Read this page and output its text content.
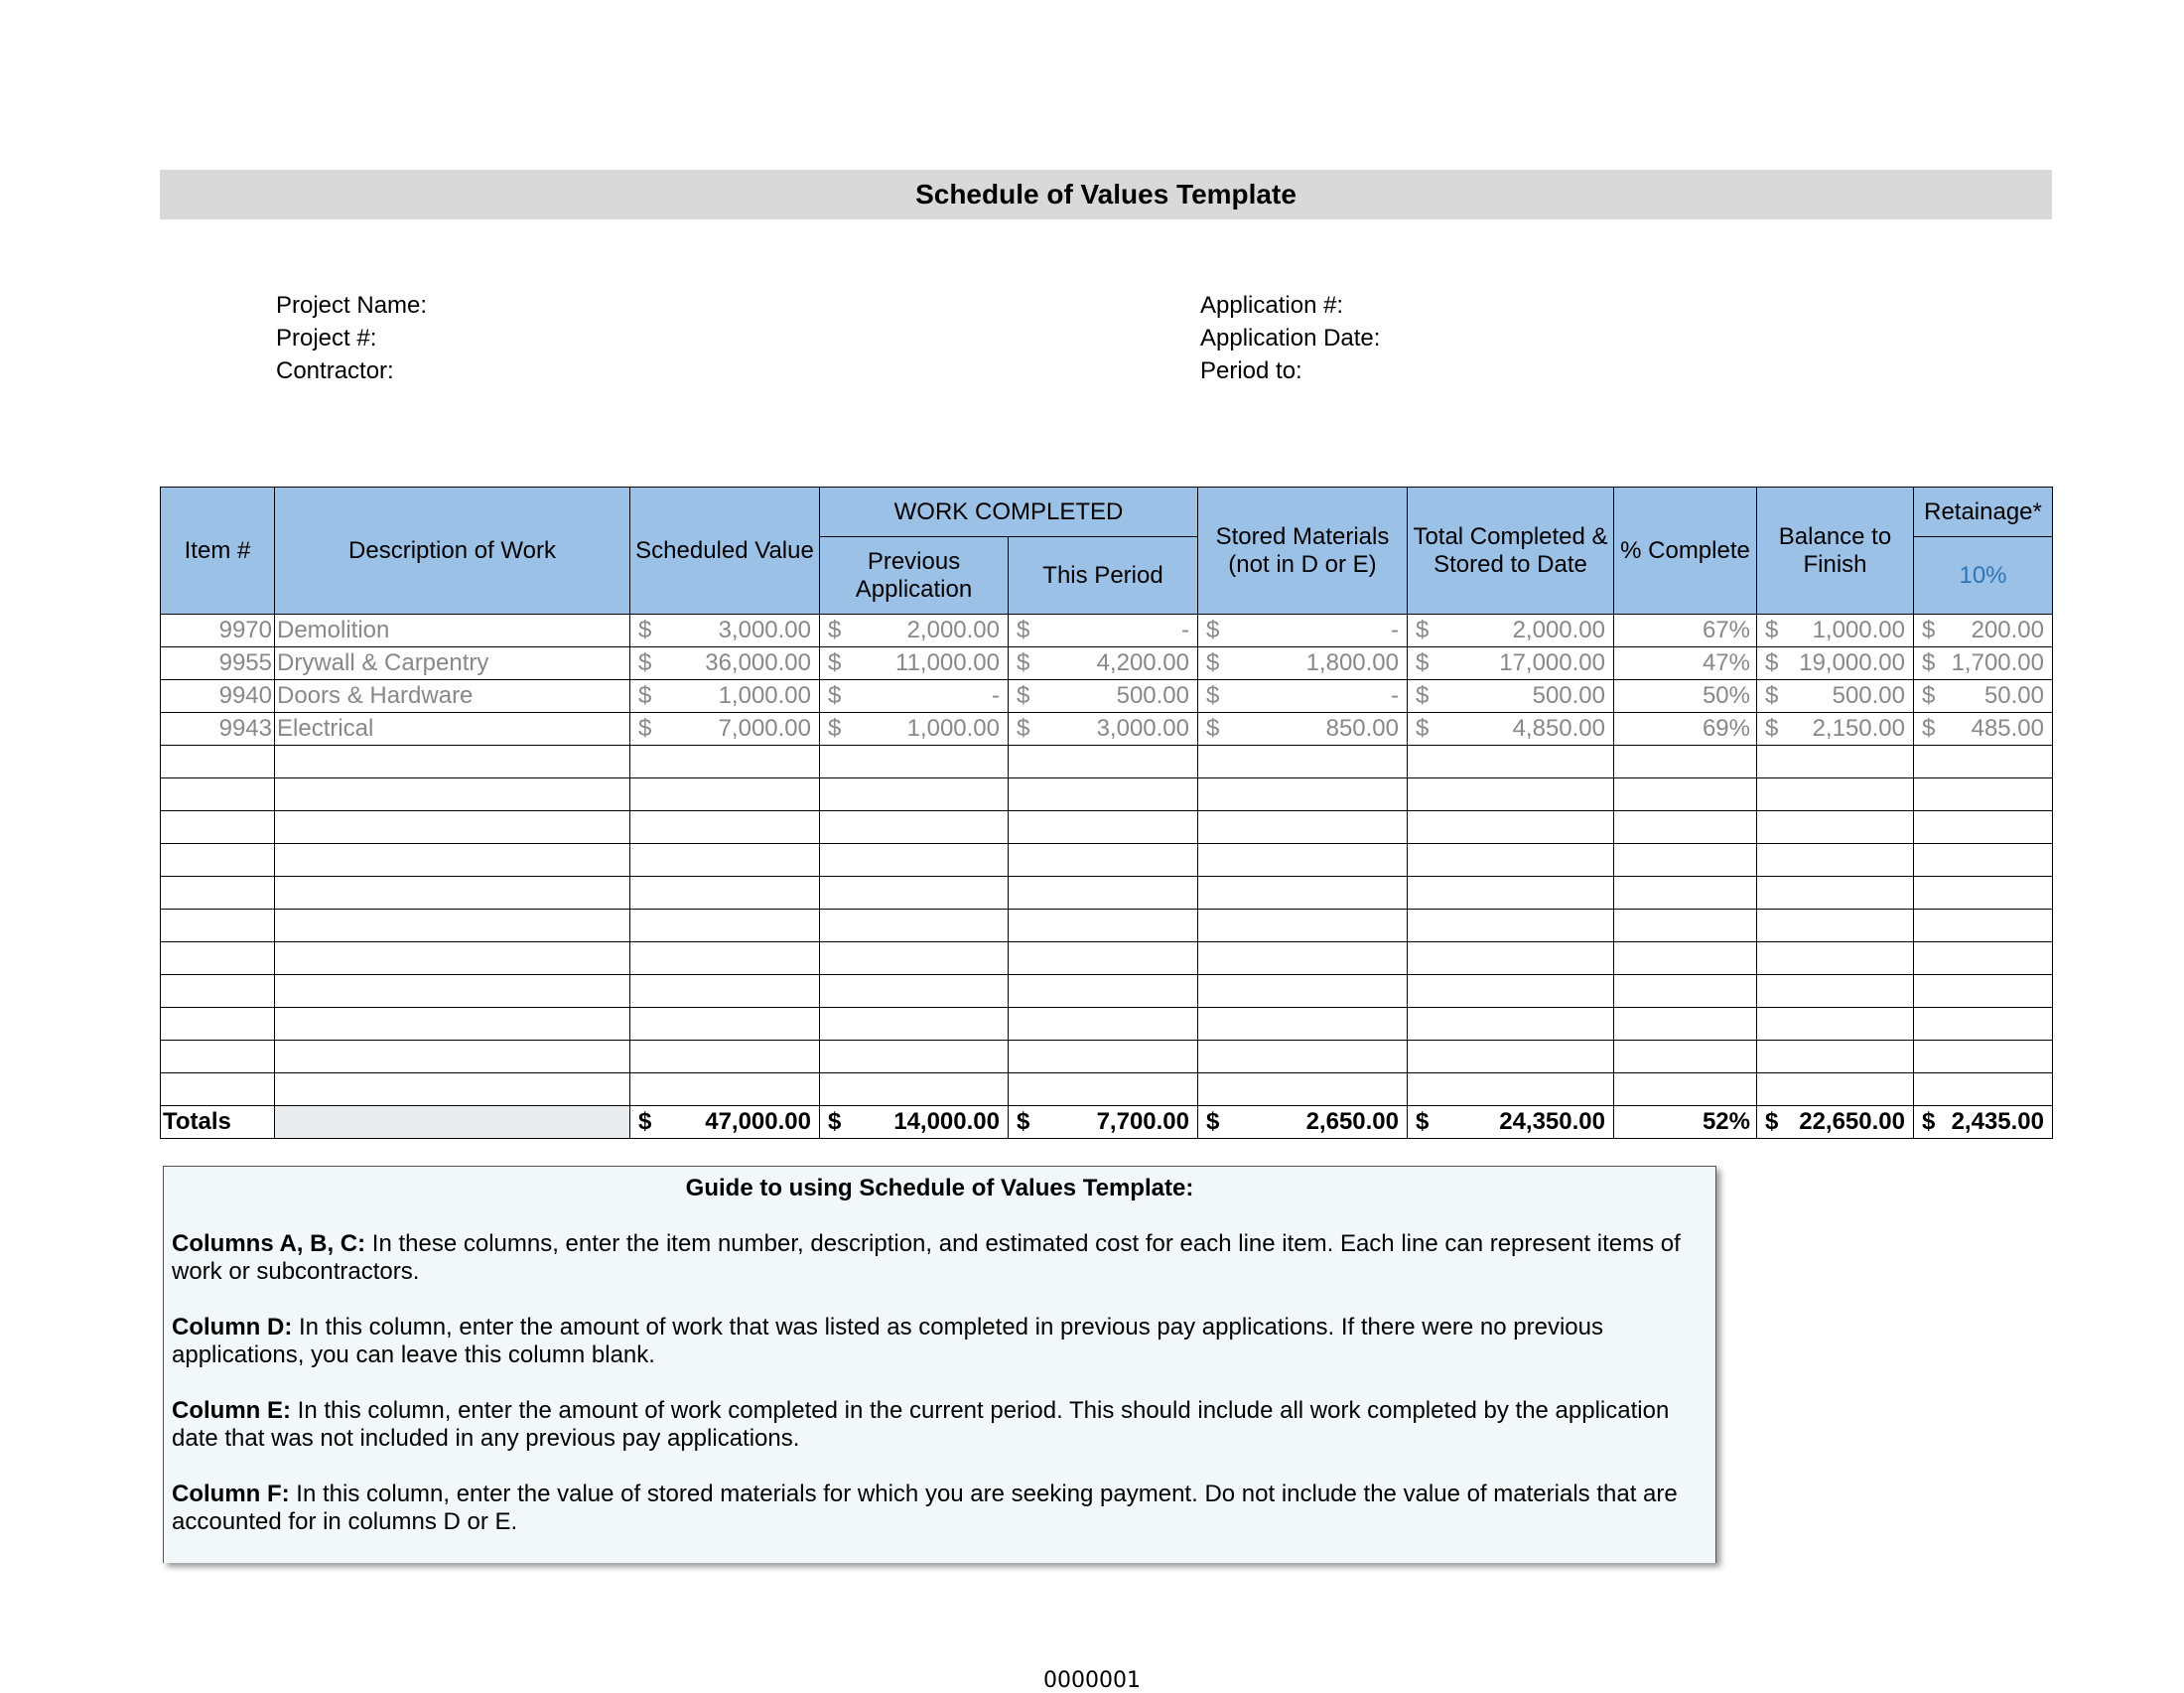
Schedule of Values Template
Project Name:
Project #:
Contractor:
Application #:
Application Date:
Period to:
Item #	Description of Work	Scheduled Value	WORK COMPLETED		Stored Materials (not in D or E)	Total Completed & Stored to Date	% Complete	Balance to Finish	Retainage*
			Previous Application	This Period					10%
9970	Demolition	$ 3,000.00	$ 2,000.00	$ -	$ -	$ 2,000.00	67%	$ 1,000.00	$ 200.00

9955	Drywall & Carpentry	$ 36,000.00	$ 11,000.00	$ 4,200.00	$ 1,800.00	$ 17,000.00	47%	$ 19,000.00	$ 1,700.00

9940	Doors & Hardware	$ 1,000.00	$ -	$ 500.00	$ -	$ 500.00	50%	$ 500.00	$ 50.00

9943	Electrical	$ 7,000.00	$ 1,000.00	$ 3,000.00	$ 850.00	$ 4,850.00	69%	$ 2,150.00	$ 485.00

Totals		$ 47,000.00	$ 14,000.00	$ 7,700.00	$ 2,650.00	$ 24,350.00	52%	$ 22,650.00	$ 2,435.00
Guide to using Schedule of Values Template:

Columns A, B, C: In these columns, enter the item number, description, and estimated cost for each line item. Each line can represent items of work or subcontractors.

Column D: In this column, enter the amount of work that was listed as completed in previous pay applications. If there were no previous applications, you can leave this column blank.

Column E: In this column, enter the amount of work completed in the current period. This should include all work completed by the application date that was not included in any previous pay applications.

Column F: In this column, enter the value of stored materials for which you are seeking payment. Do not include the value of materials that are accounted for in columns D or E.

0000001
